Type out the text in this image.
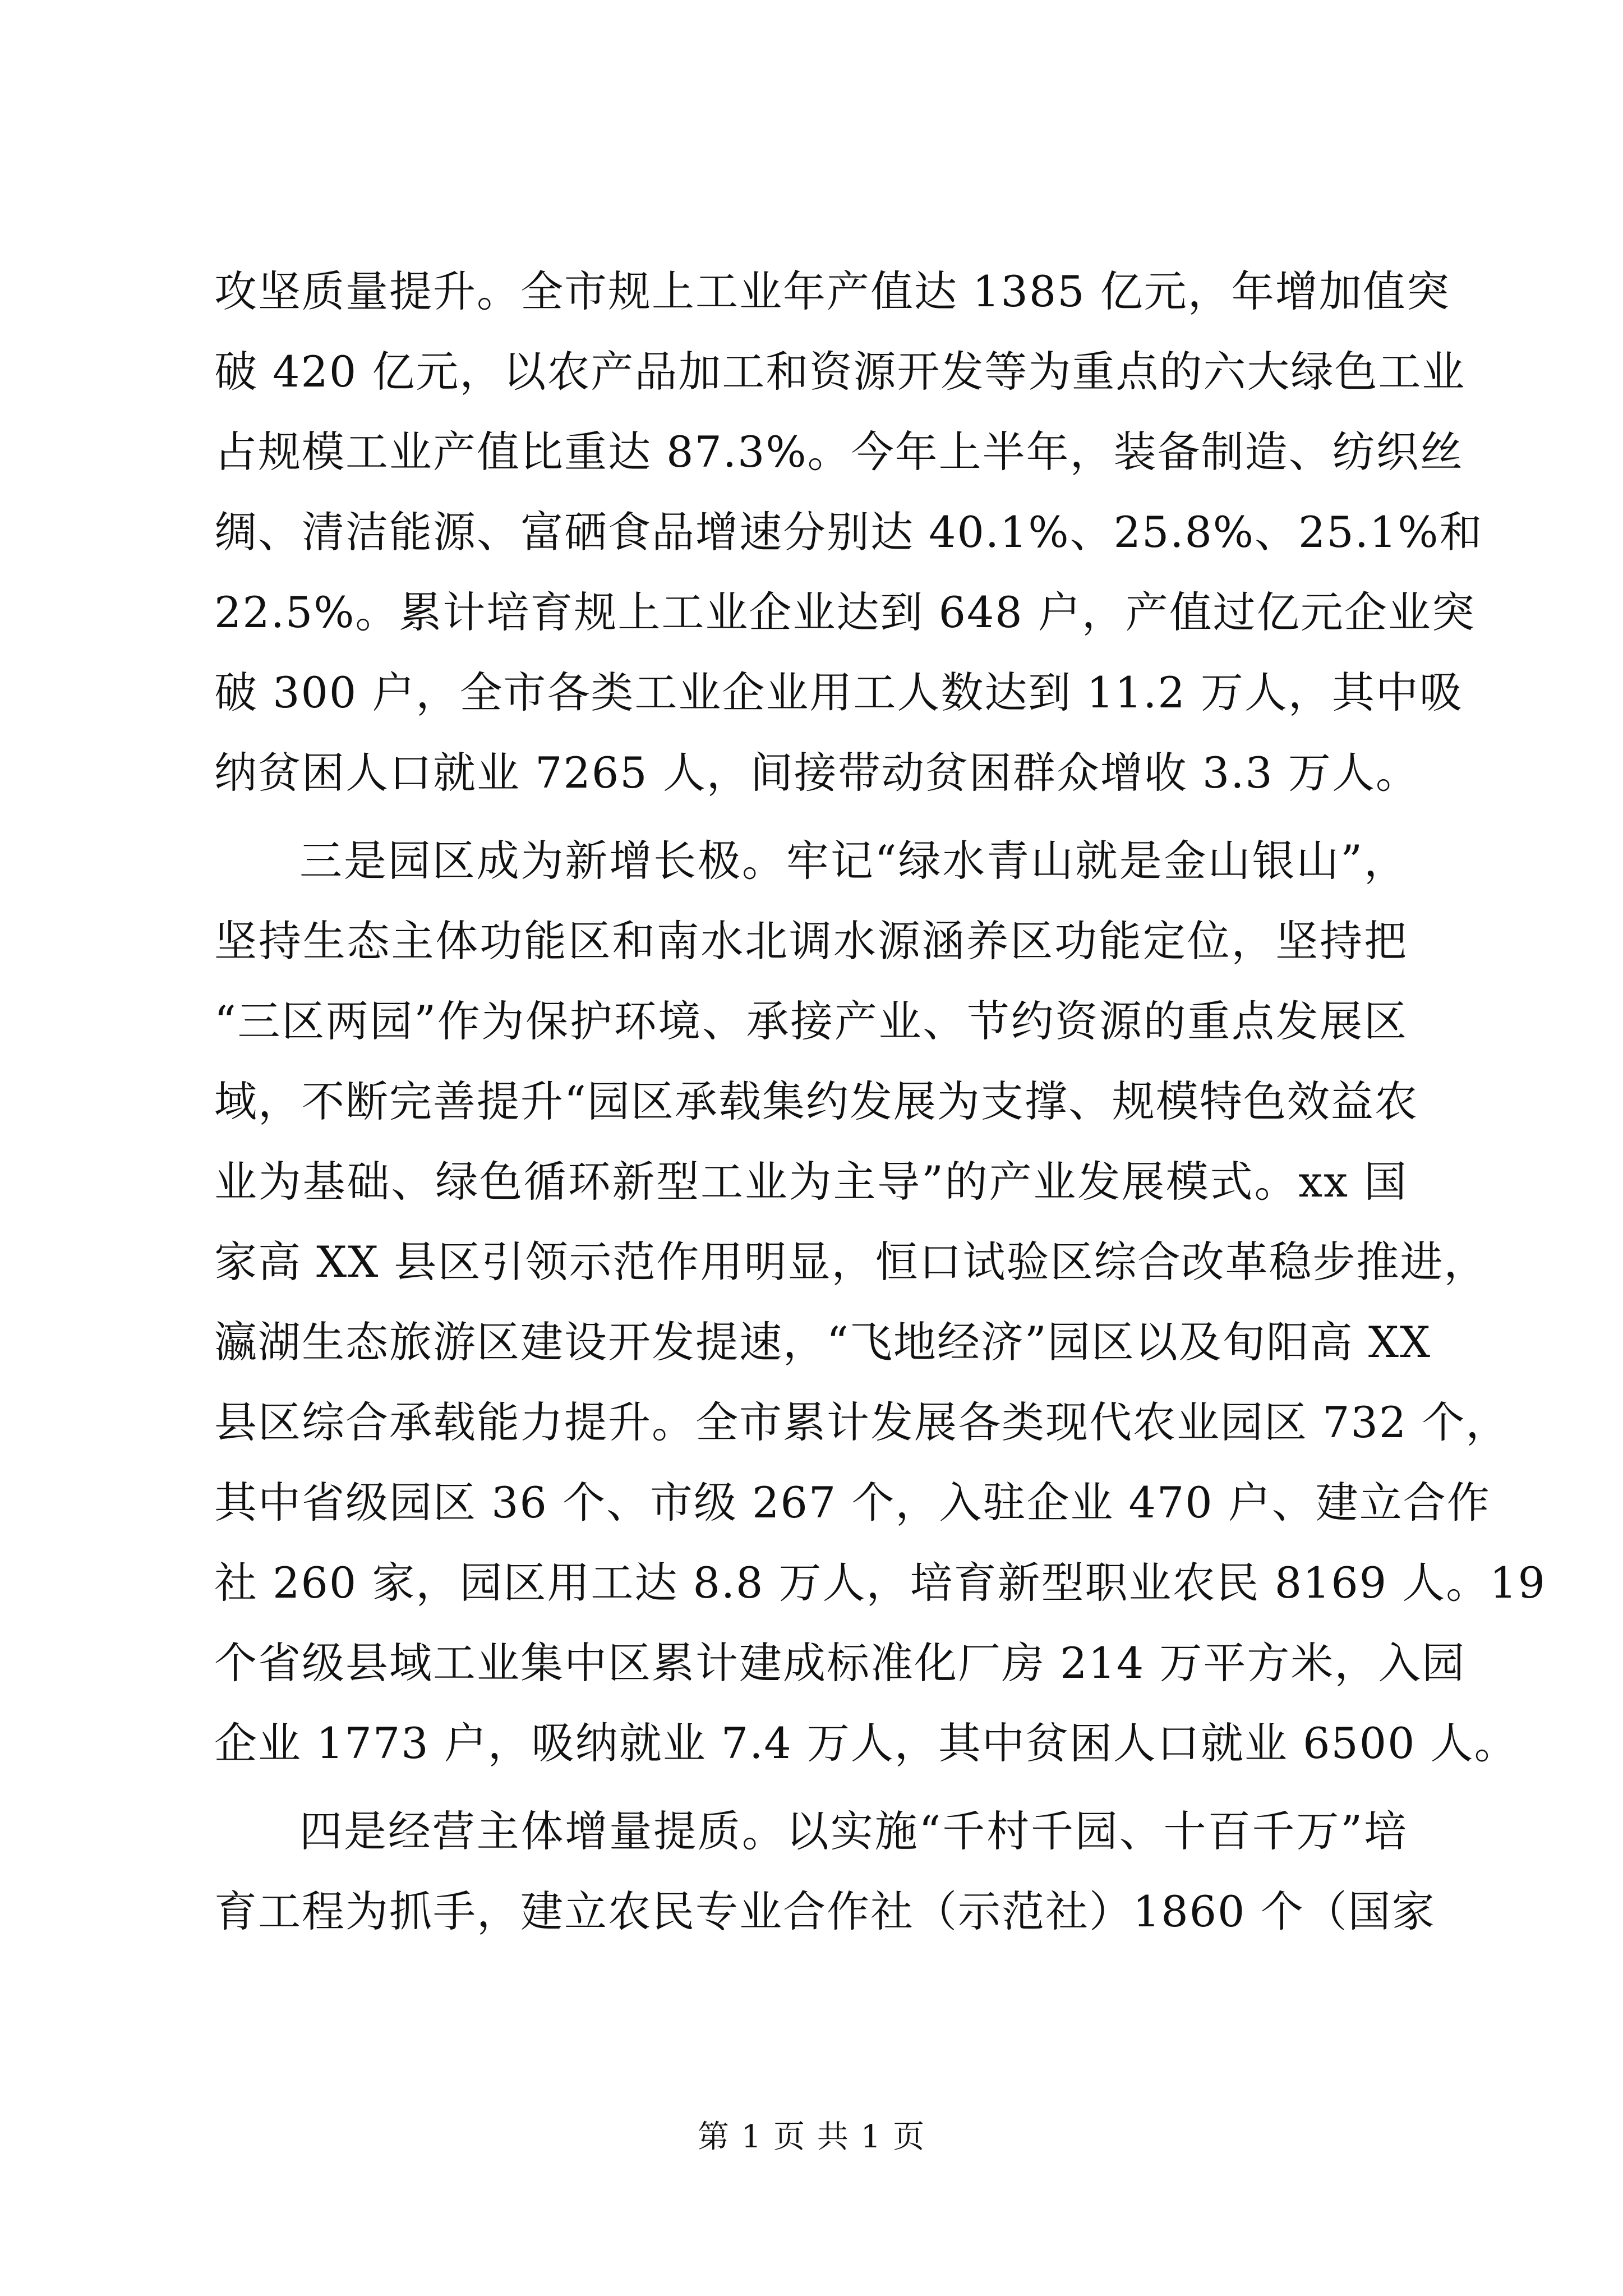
攻坚质量提升。全市规上工业年产值达 1385 亿元，年增加值突
破 420 亿元，以农产品加工和资源开发等为重点的六大绿色工业
占规模工业产值比重达 87.3%。今年上半年，装备制造、纺织丝
绸、清洁能源、富硒食品增速分别达 40.1%、25.8%、25.1%和
22.5%。累计培育规上工业企业达到 648 户，产值过亿元企业突
破 300 户，全市各类工业企业用工人数达到 11.2 万人，其中吸
纳贫困人口就业 7265 人，间接带动贫困群众增收 3.3 万人。
三是园区成为新增长极。牢记“绿水青山就是金山银山”，
坚持生态主体功能区和南水北调水源涵养区功能定位，坚持把
“三区两园”作为保护环境、承接产业、节约资源的重点发展区
域，不断完善提升“园区承载集约发展为支撑、规模特色效益农
业为基础、绿色循环新型工业为主导”的产业发展模式。xx 国
家高 XX 县区引领示范作用明显，恒口试验区综合改革稳步推进，
瀛湖生态旅游区建设开发提速，“飞地经济”园区以及旬阳高 XX
县区综合承载能力提升。全市累计发展各类现代农业园区 732 个，
其中省级园区 36 个、市级 267 个，入驻企业 470 户、建立合作
社 260 家，园区用工达 8.8 万人，培育新型职业农民 8169 人。19
个省级县域工业集中区累计建成标准化厂房 214 万平方米，入园
企业 1773 户，吸纳就业 7.4 万人，其中贫困人口就业 6500 人。
四是经营主体增量提质。以实施“千村千园、十百千万”培
育工程为抓手，建立农民专业合作社（示范社）1860 个（国家
第 1 页 共 1 页
